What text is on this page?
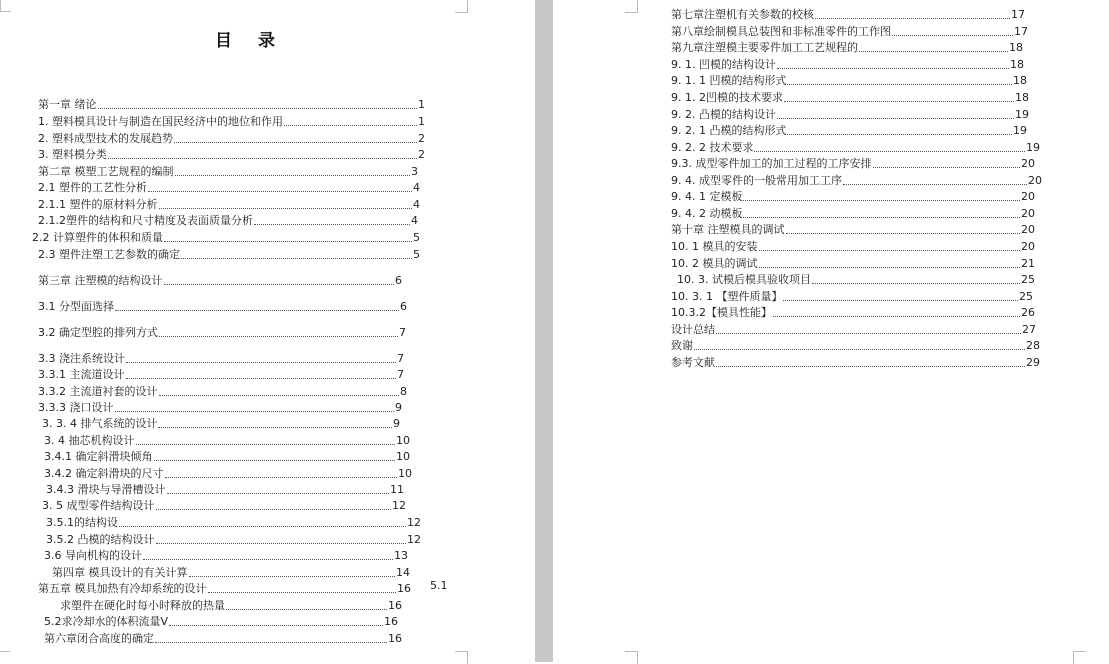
目 录
第一章 绪论	1
1. 塑料模具设计与制造在国民经济中的地位和作用	1
2. 塑料成型技术的发展趋势	2
3. 塑料模分类	2
第二章 模塑工艺规程的编制	3
2.1 塑件的工艺性分析	4
2.1.1 塑件的原材料分析	4
2.1.2塑件的结构和尺寸精度及表面质量分析	4
2.2 计算塑件的体积和质量	5
2.3 塑件注塑工艺参数的确定	5
第三章 注塑模的结构设计	6
3.1 分型面选择	6
3.2 确定型腔的排列方式	7
3.3 浇注系统设计	7
3.3.1 主流道设计	7
3.3.2 主流道衬套的设计	8
3.3.3 浇口设计	9
3. 3. 4 排气系统的设计	9
3. 4 抽芯机构设计	10
3.4.1 确定斜滑块倾角	10
3.4.2 确定斜滑块的尺寸	10
3.4.3 滑块与导滑槽设计	11
3. 5 成型零件结构设计	12
3.5.1的结构设	12
3.5.2 凸模的结构设计	12
3.6 导向机构的设计	13
第四章 模具设计的有关计算	14
第五章 模具加热有冷却系统的设计	16
求塑件在硬化时每小时释放的热量	16
5.2求冷却水的体积流量V	16
第六章闭合高度的确定	16
5.1
第七章注塑机有关参数的校核	17
第八章绘制模具总装图和非标准零件的工作图	17
第九章注塑模主要零件加工工艺规程的	18
9. 1. 凹模的结构设计	18
9. 1. 1 凹模的结构形式	18
9. 1. 2凹模的技术要求	18
9. 2. 凸模的结构设计	19
9. 2. 1 凸模的结构形式	19
9. 2. 2 技术要求	19
9.3. 成型零件加工的加工过程的工序安排	20
9. 4. 成型零件的一般常用加工工序	20
9. 4. 1 定模板	20
9. 4. 2 动模板	20
第十章 注塑模具的调试	20
10. 1 模具的安装	20
10. 2 模具的调试	21
10. 3. 试模后模具验收项目	25
10. 3. 1 【塑件质量】	25
10.3.2【模具性能】	26
设计总结	27
致谢	28
参考文献	29
